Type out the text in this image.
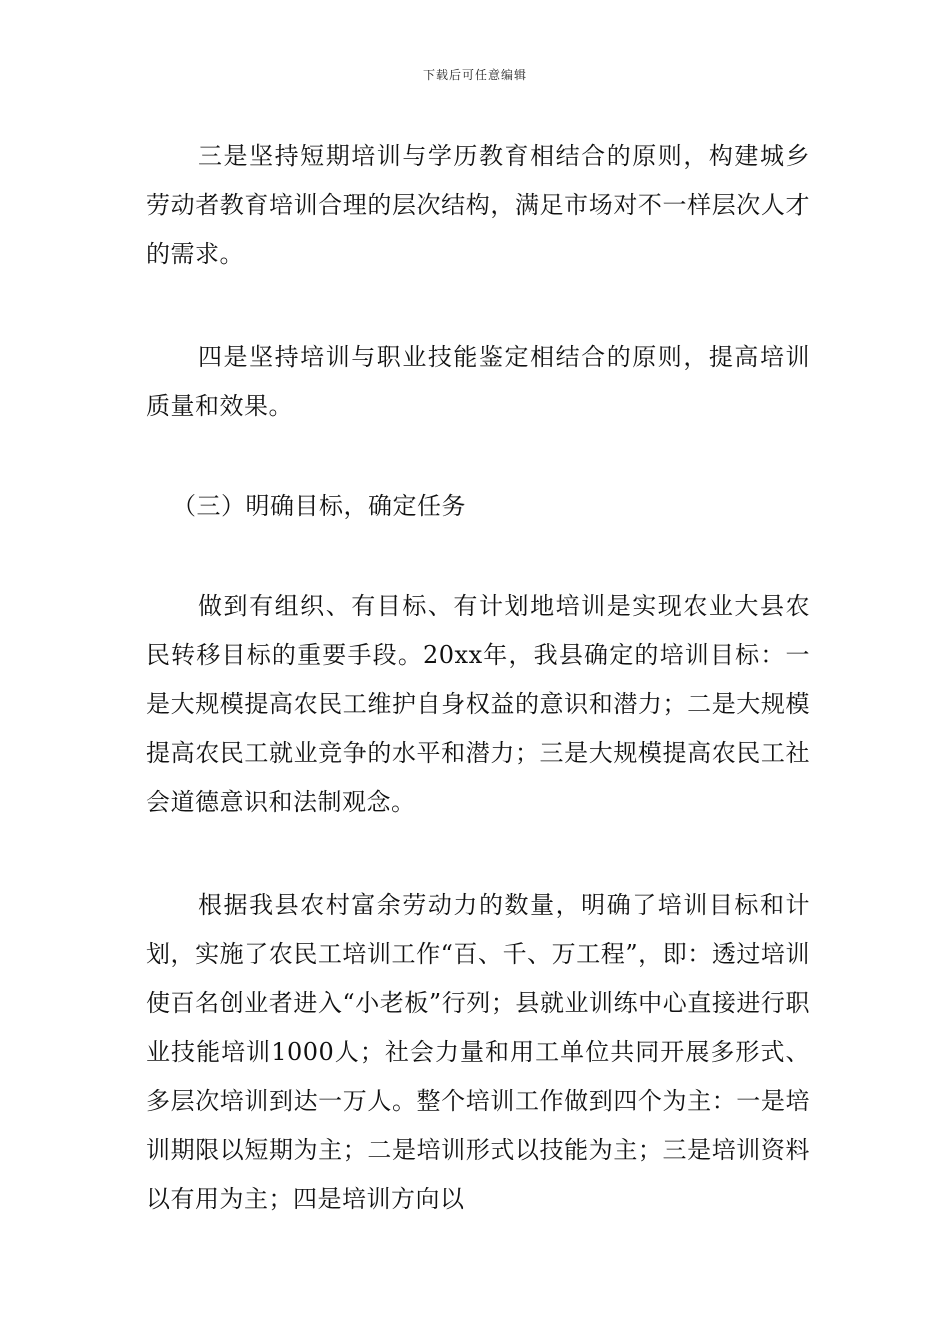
下载后可任意编辑

三是坚持短期培训与学历教育相结合的原则，构建城乡劳动者教育培训合理的层次结构，满足市场对不一样层次人才的需求。

四是坚持培训与职业技能鉴定相结合的原则，提高培训质量和效果。

（三）明确目标，确定任务

做到有组织、有目标、有计划地培训是实现农业大县农民转移目标的重要手段。20xx年，我县确定的培训目标：一是大规模提高农民工维护自身权益的意识和潜力；二是大规模提高农民工就业竞争的水平和潜力；三是大规模提高农民工社会道德意识和法制观念。

根据我县农村富余劳动力的数量，明确了培训目标和计划，实施了农民工培训工作“百、千、万工程”，即：透过培训使百名创业者进入“小老板”行列；县就业训练中心直接进行职业技能培训1000人；社会力量和用工单位共同开展多形式、多层次培训到达一万人。整个培训工作做到四个为主：一是培训期限以短期为主；二是培训形式以技能为主；三是培训资料以有用为主；四是培训方向以
